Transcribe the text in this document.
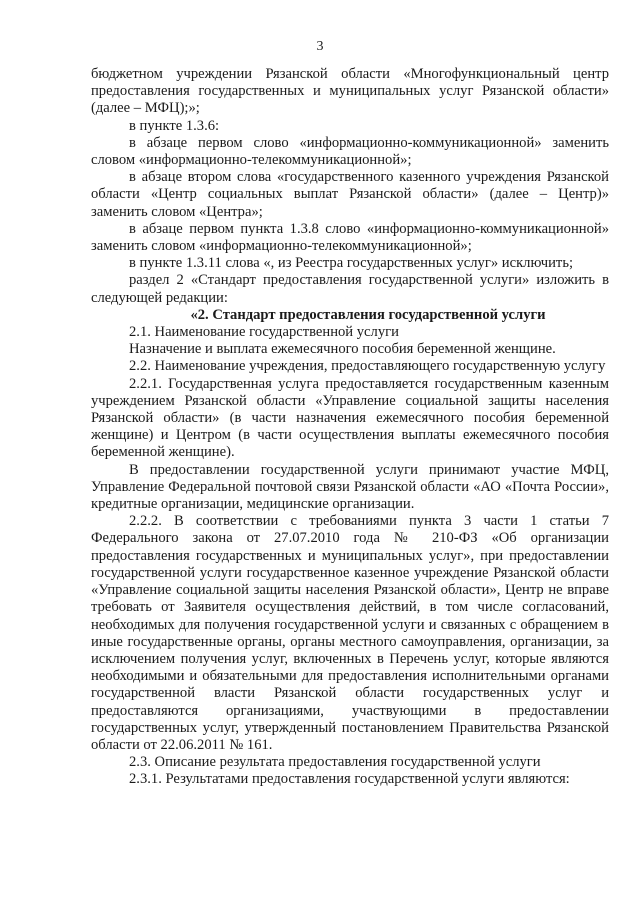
3

бюджетном учреждении Рязанской области «Многофункциональный центр предоставления государственных и муниципальных услуг Рязанской области» (далее – МФЦ);»;

в пункте 1.3.6:

в абзаце первом слово «информационно-коммуникационной» заменить словом «информационно-телекоммуникационной»;

в абзаце втором слова «государственного казенного учреждения Рязанской области «Центр социальных выплат Рязанской области» (далее – Центр)» заменить словом «Центра»;

в абзаце первом пункта 1.3.8 слово «информационно-коммуникационной» заменить словом «информационно-телекоммуникационной»;

в пункте 1.3.11 слова «, из Реестра государственных услуг» исключить;

раздел 2 «Стандарт предоставления государственной услуги» изложить в следующей редакции:

«2. Стандарт предоставления государственной услуги

2.1. Наименование государственной услуги

Назначение и выплата ежемесячного пособия беременной женщине.

2.2. Наименование учреждения, предоставляющего государственную услугу

2.2.1. Государственная услуга предоставляется государственным казенным учреждением Рязанской области «Управление социальной защиты населения Рязанской области» (в части назначения ежемесячного пособия беременной женщине) и Центром (в части осуществления выплаты ежемесячного пособия беременной женщине).

В предоставлении государственной услуги принимают участие МФЦ, Управление Федеральной почтовой связи Рязанской области «АО «Почта России», кредитные организации, медицинские организации.

2.2.2. В соответствии с требованиями пункта 3 части 1 статьи 7 Федерального закона от 27.07.2010 года № 210-ФЗ «Об организации предоставления государственных и муниципальных услуг», при предоставлении государственной услуги государственное казенное учреждение Рязанской области «Управление социальной защиты населения Рязанской области», Центр не вправе требовать от Заявителя осуществления действий, в том числе согласований, необходимых для получения государственной услуги и связанных с обращением в иные государственные органы, органы местного самоуправления, организации, за исключением получения услуг, включенных в Перечень услуг, которые являются необходимыми и обязательными для предоставления исполнительными органами государственной власти Рязанской области государственных услуг и предоставляются организациями, участвующими в предоставлении государственных услуг, утвержденный постановлением Правительства Рязанской области от 22.06.2011 № 161.

2.3. Описание результата предоставления государственной услуги

2.3.1. Результатами предоставления государственной услуги являются:
